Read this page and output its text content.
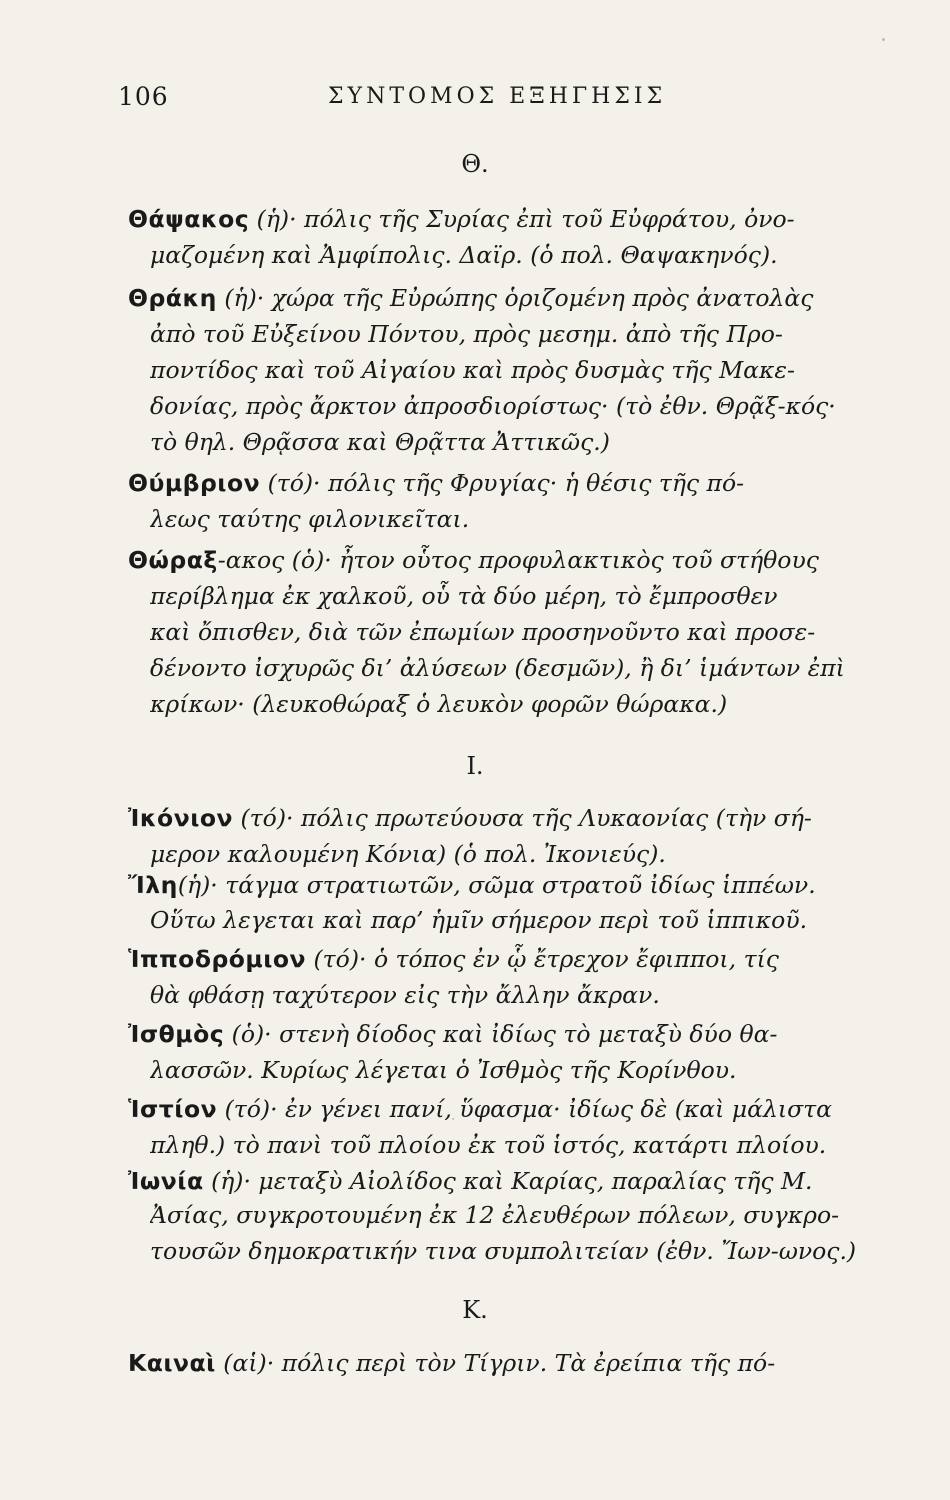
106	ΣΥΝΤΟΜΟΣ ΕΞΗΓΗΣΙΣ
Θ.
Θάψακος (ἡ)· πόλις τῆς Συρίας ἐπὶ τοῦ Εὐφράτου, ὀνο-
μαζομένη καὶ Ἀμφίπολις. Δαϊρ. (ὁ πολ. Θαψακηνός).
Θράκη (ἡ)· χώρα τῆς Εὐρώπης ὁριζομένη πρὸς ἀνατολὰς
ἀπὸ τοῦ Εὐξείνου Πόντου, πρὸς μεσημ. ἀπὸ τῆς Προ-
ποντίδος καὶ τοῦ Αἰγαίου καὶ πρὸς δυσμὰς τῆς Μακε-
δονίας, πρὸς ἄρκτον ἀπροσδιορίστως· (τὸ ἐθν. Θρᾷξ-κός·
τὸ θηλ. Θρᾷσσα καὶ Θρᾷττα Ἀττικῶς.)
Θύμβριον (τό)· πόλις τῆς Φρυγίας· ἡ θέσις τῆς πό-
λεως ταύτης φιλονικεῖται.
Θώραξ-ακος (ὁ)· ἦτον οὗτος προφυλακτικὸς τοῦ στήθους
περίβλημα ἐκ χαλκοῦ, οὗ τὰ δύο μέρη, τὸ ἔμπροσθεν
καὶ ὄπισθεν, διὰ τῶν ἐπωμίων προσηνοῦντο καὶ προσε-
δένοντο ἰσχυρῶς δι’ ἀλύσεων (δεσμῶν), ἢ δι’ ἱμάντων ἐπὶ
κρίκων· (λευκοθώραξ ὁ λευκὸν φορῶν θώρακα.)
Ι.
Ἰκόνιον (τό)· πόλις πρωτεύουσα τῆς Λυκαονίας (τὴν σή-
μερον καλουμένη Κόνια) (ὁ πολ. Ἰκονιεύς).
Ἴλη(ἡ)· τάγμα στρατιωτῶν, σῶμα στρατοῦ ἰδίως ἱππέων.
Οὕτω λεγεται καὶ παρ’ ἡμῖν σήμερον περὶ τοῦ ἱππικοῦ.
Ἱπποδρόμιον (τό)· ὁ τόπος ἐν ᾧ ἔτρεχον ἔφιπποι, τίς
θὰ φθάσῃ ταχύτερον εἰς τὴν ἄλλην ἄκραν.
Ἰσθμὸς (ὁ)· στενὴ δίοδος καὶ ἰδίως τὸ μεταξὺ δύο θα-
λασσῶν. Κυρίως λέγεται ὁ Ἰσθμὸς τῆς Κορίνθου.
Ἱστίον (τό)· ἐν γένει πανί, ὕφασμα· ἰδίως δὲ (καὶ μάλιστα
πληθ.) τὸ πανὶ τοῦ πλοίου ἐκ τοῦ ἱστός, κατάρτι πλοίου.
Ἰωνία (ἡ)· μεταξὺ Αἰολίδος καὶ Καρίας, παραλίας τῆς Μ.
Ἀσίας, συγκροτουμένη ἐκ 12 ἐλευθέρων πόλεων, συγκρο-
τουσῶν δημοκρατικήν τινα συμπολιτείαν (ἐθν. Ἴων-ωνος.)
Κ.
Καιναὶ (αἱ)· πόλις περὶ τὸν Τίγριν. Τὰ ἐρείπια τῆς πό-
